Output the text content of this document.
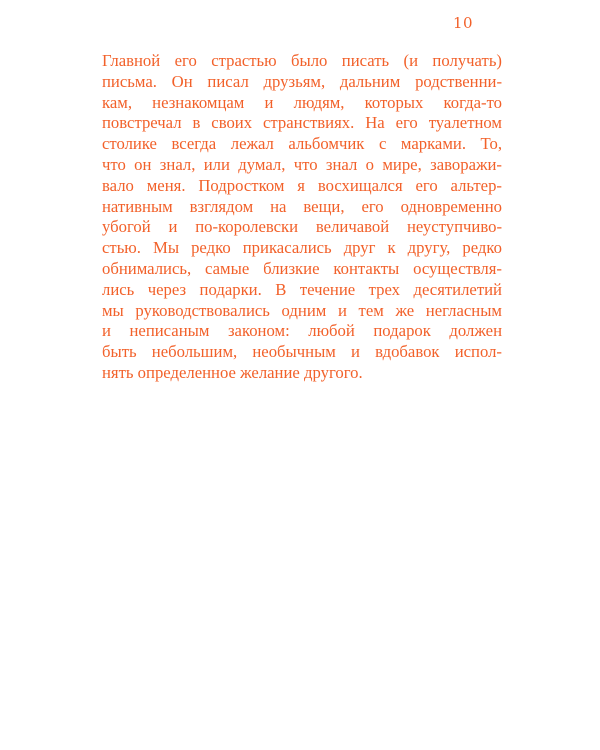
10
Главной его страстью было писать (и получать)
письма. Он писал друзьям, дальним родственни-
кам, незнакомцам и людям, которых когда-то
повстречал в своих странствиях. На его туалетном
столике всегда лежал альбомчик с марками. То,
что он знал, или думал, что знал о мире, заворажи-
вало меня. Подростком я восхищался его альтер-
нативным взглядом на вещи, его одновременно
убогой и по-королевски величавой неуступчиво-
стью. Мы редко прикасались друг к другу, редко
обнимались, самые близкие контакты осуществля-
лись через подарки. В течение трех десятилетий
мы руководствовались одним и тем же негласным
и неписаным законом: любой подарок должен
быть небольшим, необычным и вдобавок испол-
нять определенное желание другого.
